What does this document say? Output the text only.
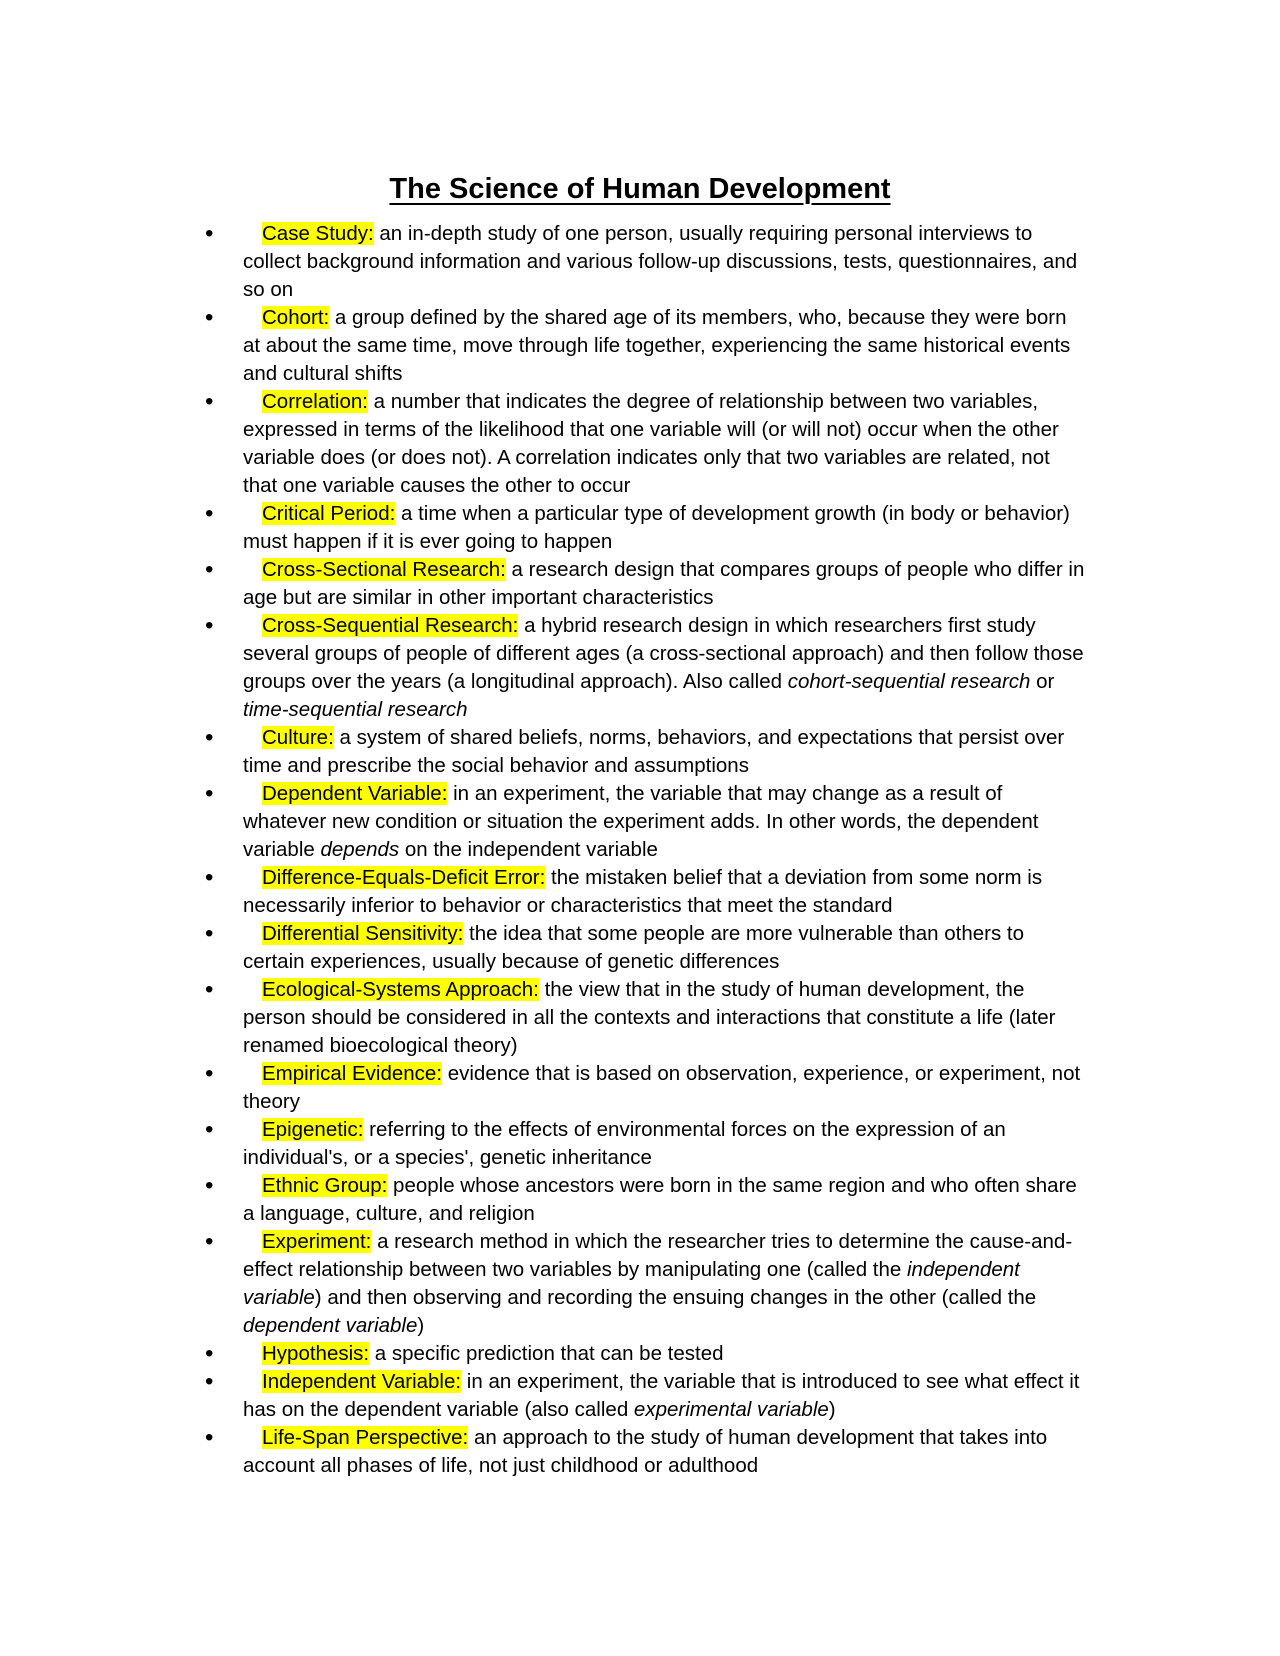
The Science of Human Development
•	Case Study: an in-depth study of one person, usually requiring personal interviews to collect background information and various follow-up discussions, tests, questionnaires, and so on
•	Cohort: a group defined by the shared age of its members, who, because they were born at about the same time, move through life together, experiencing the same historical events and cultural shifts
•	Correlation: a number that indicates the degree of relationship between two variables, expressed in terms of the likelihood that one variable will (or will not) occur when the other variable does (or does not). A correlation indicates only that two variables are related, not that one variable causes the other to occur
•	Critical Period: a time when a particular type of development growth (in body or behavior) must happen if it is ever going to happen
•	Cross-Sectional Research: a research design that compares groups of people who differ in age but are similar in other important characteristics
•	Cross-Sequential Research: a hybrid research design in which researchers first study several groups of people of different ages (a cross-sectional approach) and then follow those groups over the years (a longitudinal approach). Also called cohort-sequential research or time-sequential research
•	Culture: a system of shared beliefs, norms, behaviors, and expectations that persist over time and prescribe the social behavior and assumptions
•	Dependent Variable: in an experiment, the variable that may change as a result of whatever new condition or situation the experiment adds. In other words, the dependent variable depends on the independent variable
•	Difference-Equals-Deficit Error: the mistaken belief that a deviation from some norm is necessarily inferior to behavior or characteristics that meet the standard
•	Differential Sensitivity: the idea that some people are more vulnerable than others to certain experiences, usually because of genetic differences
•	Ecological-Systems Approach: the view that in the study of human development, the person should be considered in all the contexts and interactions that constitute a life (later renamed bioecological theory)
•	Empirical Evidence: evidence that is based on observation, experience, or experiment, not theory
•	Epigenetic: referring to the effects of environmental forces on the expression of an individual's, or a species', genetic inheritance
•	Ethnic Group: people whose ancestors were born in the same region and who often share a language, culture, and religion
•	Experiment: a research method in which the researcher tries to determine the cause-and-effect relationship between two variables by manipulating one (called the independent variable) and then observing and recording the ensuing changes in the other (called the dependent variable)
•	Hypothesis: a specific prediction that can be tested
•	Independent Variable: in an experiment, the variable that is introduced to see what effect it has on the dependent variable (also called experimental variable)
•	Life-Span Perspective: an approach to the study of human development that takes into account all phases of life, not just childhood or adulthood
